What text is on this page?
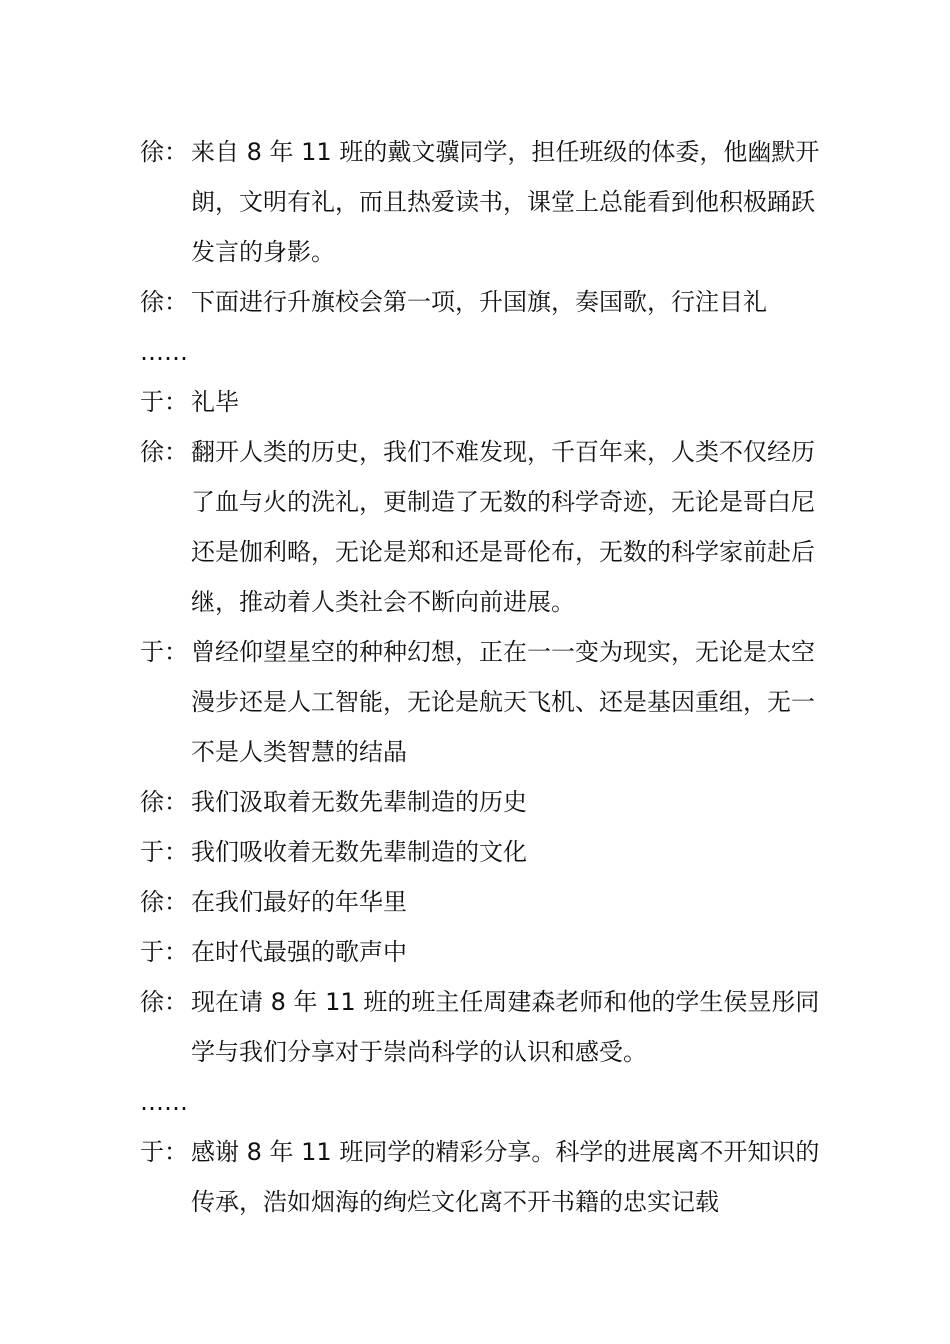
徐： 来自 8 年 11 班的戴文骥同学，担任班级的体委，他幽默开朗，文明有礼，而且热爱读书，课堂上总能看到他积极踊跃发言的身影。
徐： 下面进行升旗校会第一项，升国旗，奏国歌，行注目礼
……
于： 礼毕
徐： 翻开人类的历史，我们不难发现，千百年来，人类不仅经历了血与火的洗礼，更制造了无数的科学奇迹，无论是哥白尼还是伽利略，无论是郑和还是哥伦布，无数的科学家前赴后继，推动着人类社会不断向前进展。
于： 曾经仰望星空的种种幻想，正在一一变为现实，无论是太空漫步还是人工智能，无论是航天飞机、还是基因重组，无一不是人类智慧的结晶
徐： 我们汲取着无数先辈制造的历史
于： 我们吸收着无数先辈制造的文化
徐： 在我们最好的年华里
于： 在时代最强的歌声中
徐： 现在请 8 年 11 班的班主任周建森老师和他的学生侯昱彤同学与我们分享对于崇尚科学的认识和感受。
……
于： 感谢 8 年 11 班同学的精彩分享。科学的进展离不开知识的传承，浩如烟海的绚烂文化离不开书籍的忠实记载
